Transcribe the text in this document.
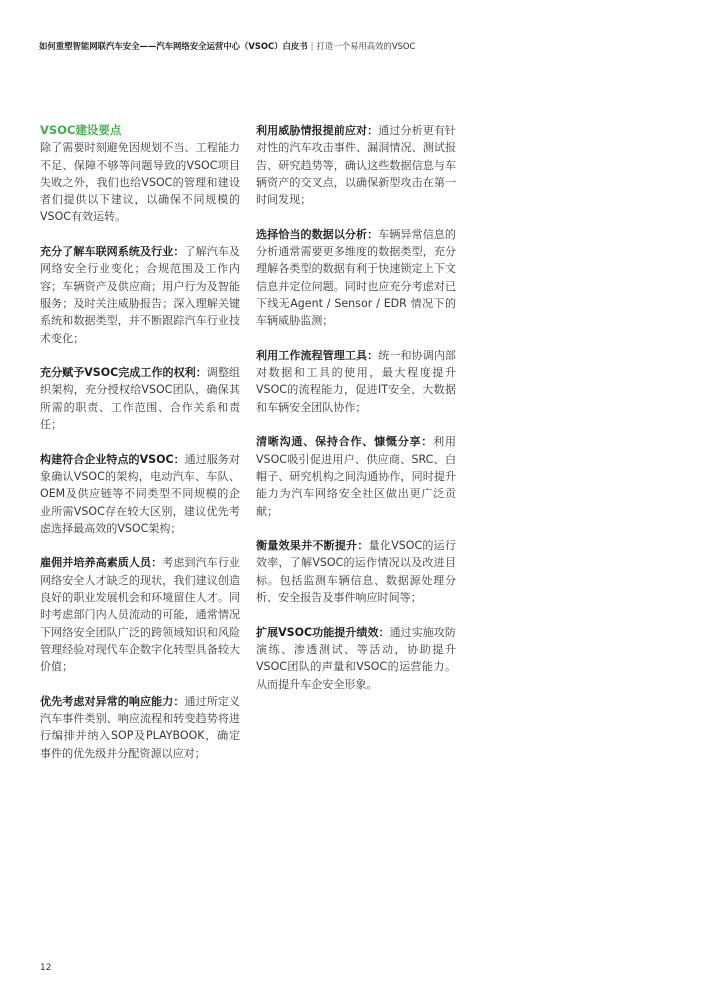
如何重塑智能网联汽车安全——汽车网络安全运营中心（VSOC）白皮书 | 打造一个易用高效的VSOC
VSOC建设要点

除了需要时刻避免因规划不当、工程能力不足、保障不够等问题导致的VSOC项目失败之外，我们也给VSOC的管理和建设者们提供以下建议，以确保不同规模的VSOC有效运转。

充分了解车联网系统及行业：了解汽车及网络安全行业变化；合规范围及工作内容；车辆资产及供应商；用户行为及智能服务；及时关注威胁报告；深入理解关键系统和数据类型，并不断跟踪汽车行业技术变化；

充分赋予VSOC完成工作的权利：调整组织架构，充分授权给VSOC团队，确保其所需的职责、工作范围、合作关系和责任；

构建符合企业特点的VSOC：通过服务对象确认VSOC的架构，电动汽车、车队、OEM及供应链等不同类型不同规模的企业所需VSOC存在较大区别，建议优先考虑选择最高效的VSOC架构；

雇佣并培养高素质人员：考虑到汽车行业网络安全人才缺乏的现状，我们建议创造良好的职业发展机会和环境留住人才。同时考虑部门内人员流动的可能，通常情况下网络安全团队广泛的跨领域知识和风险管理经验对现代车企数字化转型具备较大价值；

优先考虑对异常的响应能力：通过所定义汽车事件类别、响应流程和转变趋势将进行编排并纳入SOP及PLAYBOOK，确定事件的优先级并分配资源以应对；

利用威胁情报提前应对：通过分析更有针对性的汽车攻击事件、漏洞情况、测试报告、研究趋势等，确认这些数据信息与车辆资产的交叉点，以确保新型攻击在第一时间发现；

选择恰当的数据以分析：车辆异常信息的分析通常需要更多维度的数据类型，充分理解各类型的数据有利于快速锁定上下文信息并定位问题。同时也应充分考虑对已下线无Agent / Sensor / EDR 情况下的车辆威胁监测；

利用工作流程管理工具：统一和协调内部对数据和工具的使用，最大程度提升VSOC的流程能力，促进IT安全、大数据和车辆安全团队协作；

清晰沟通、保持合作、慷慨分享：利用VSOC吸引促进用户、供应商、SRC、白帽子、研究机构之间沟通协作，同时提升能力为汽车网络安全社区做出更广泛贡献；

衡量效果并不断提升：量化VSOC的运行效率，了解VSOC的运作情况以及改进目标。包括监测车辆信息、数据源处理分析、安全报告及事件响应时间等；

扩展VSOC功能提升绩效：通过实施攻防演练、渗透测试、等活动，协助提升VSOC团队的声量和VSOC的运营能力。从而提升车企安全形象。

12
